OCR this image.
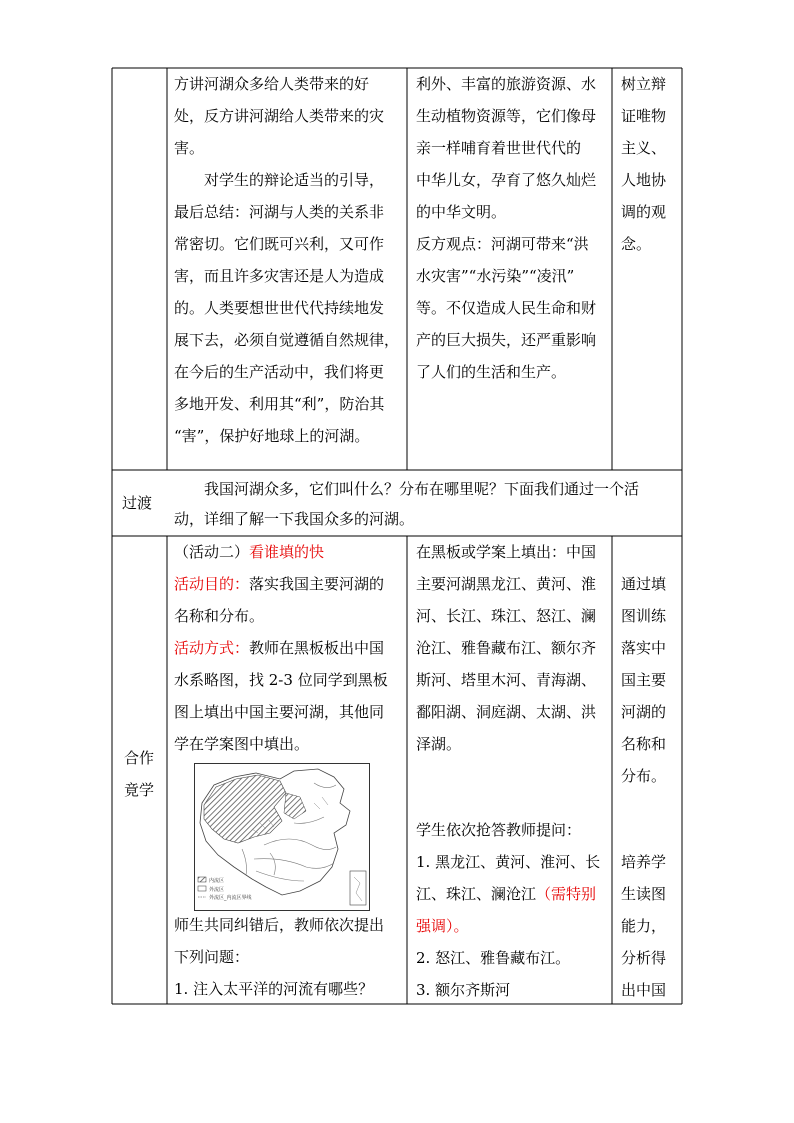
方讲河湖众多给人类带来的好

处，反方讲河湖给人类带来的灾

害。

对学生的辩论适当的引导，

最后总结：河湖与人类的关系非

常密切。它们既可兴利，又可作

害，而且许多灾害还是人为造成

的。人类要想世世代代持续地发

展下去，必须自觉遵循自然规律，

在今后的生产活动中，我们将更

多地开发、利用其“利”，防治其

“害”，保护好地球上的河湖。

利外、丰富的旅游资源、水

生动植物资源等，它们像母

亲一样哺育着世世代代的

中华儿女，孕育了悠久灿烂

的中华文明。

反方观点：河湖可带来“洪

水灾害”“水污染”“凌汛”

等。不仅造成人民生命和财

产的巨大损失，还严重影响

了人们的生活和生产。

树立辩

证唯物

主义、

人地协

调的观

念。

过渡

我国河湖众多，它们叫什么？分布在哪里呢？下面我们通过一个活

动，详细了解一下我国众多的河湖。

合作
竟学

（活动二）看谁填的快

活动目的：落实我国主要河湖的

名称和分布。

活动方式：教师在黑板板出中国

水系略图，找 2-3 位同学到黑板

图上填出中国主要河湖，其他同

学在学案图中填出。

内流区
外流区
外流区_内流区界线

师生共同纠错后，教师依次提出

下列问题：

1. 注入太平洋的河流有哪些？

在黑板或学案上填出：中国

主要河湖黑龙江、黄河、淮

河、长江、珠江、怒江、澜

沧江、雅鲁藏布江、额尔齐

斯河、塔里木河、青海湖、

鄱阳湖、洞庭湖、太湖、洪

泽湖。

学生依次抢答教师提问：

1. 黑龙江、黄河、淮河、长

江、珠江、澜沧江（需特别

强调）。

2. 怒江、雅鲁藏布江。

3. 额尔齐斯河

通过填

图训练

落实中

国主要

河湖的

名称和

分布。

培养学

生读图

能力，

分析得

出中国
